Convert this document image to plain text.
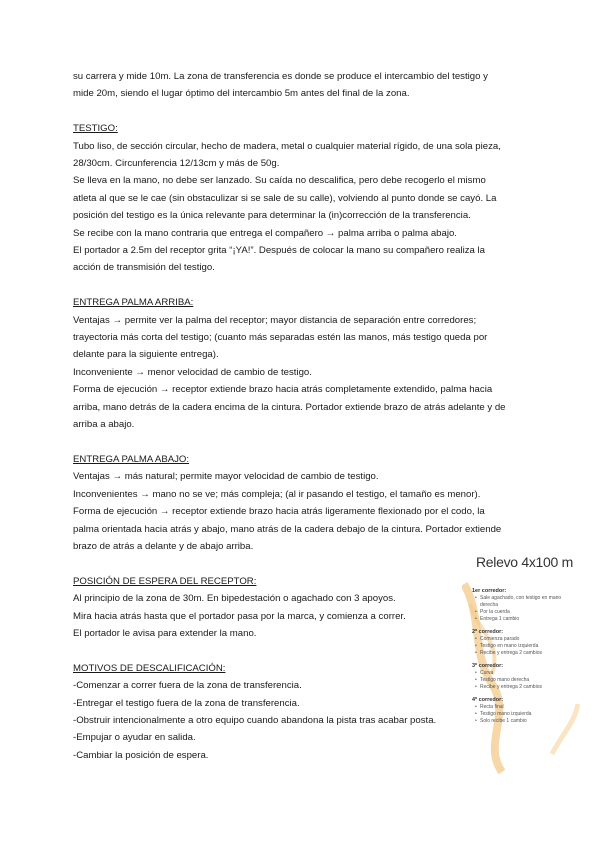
su carrera y mide 10m. La zona de transferencia es donde se produce el intercambio del testigo y

mide 20m, siendo el lugar óptimo del intercambio 5m antes del final de la zona.

TESTIGO:

Tubo liso, de sección circular, hecho de madera, metal o cualquier material rígido, de una sola pieza,

28/30cm. Circunferencia 12/13cm y más de 50g.

Se lleva en la mano, no debe ser lanzado. Su caída no descalifica, pero debe recogerlo el mismo

atleta al que se le cae (sin obstaculizar si se sale de su calle), volviendo al punto donde se cayó. La

posición del testigo es la única relevante para determinar la (in)corrección de la transferencia.

Se recibe con la mano contraria que entrega el compañero → palma arriba o palma abajo.

El portador a 2.5m del receptor grita “¡YA!”. Después de colocar la mano su compañero realiza la

acción de transmisión del testigo.

ENTREGA PALMA ARRIBA:

Ventajas → permite ver la palma del receptor; mayor distancia de separación entre corredores;

trayectoria más corta del testigo; (cuanto más separadas estén las manos, más testigo queda por

delante para la siguiente entrega).

Inconveniente → menor velocidad de cambio de testigo.

Forma de ejecución → receptor extiende brazo hacia atrás completamente extendido, palma hacia

arriba, mano detrás de la cadera encima de la cintura. Portador extiende brazo de atrás adelante y de

arriba a abajo.

ENTREGA PALMA ABAJO:

Ventajas → más natural; permite mayor velocidad de cambio de testigo.

Inconvenientes → mano no se ve; más compleja; (al ir pasando el testigo, el tamaño es menor).

Forma de ejecución → receptor extiende brazo hacia atrás ligeramente flexionado por el codo, la

palma orientada hacia atrás y abajo, mano atrás de la cadera debajo de la cintura. Portador extiende

brazo de atrás a delante y de abajo arriba.

POSICIÓN DE ESPERA DEL RECEPTOR:

Al principio de la zona de 30m. En bipedestación o agachado con 3 apoyos.

Mira hacia atrás hasta que el portador pasa por la marca, y comienza a correr.

El portador le avisa para extender la mano.

MOTIVOS DE DESCALIFICACIÓN:

-Comenzar a correr fuera de la zona de transferencia.

-Entregar el testigo fuera de la zona de transferencia.

-Obstruir intencionalmente a otro equipo cuando abandona la pista tras acabar posta.

-Empujar o ayudar en salida.

-Cambiar la posición de espera.

Relevo 4x100 m
1er corredor:
• Sale agachado, con testigo en mano derecha
• Por la cuerda
• Entrega 1 cambio
2º corredor:
• Comienza parado
• Testigo en mano izquierda
• Recibe y entrega 2 cambios
3º corredor:
• Curva
• Testigo mano derecha
• Recibe y entrega 2 cambios
4º corredor:
• Recta final
• Testigo mano izquierda
• Solo recibe 1 cambio
